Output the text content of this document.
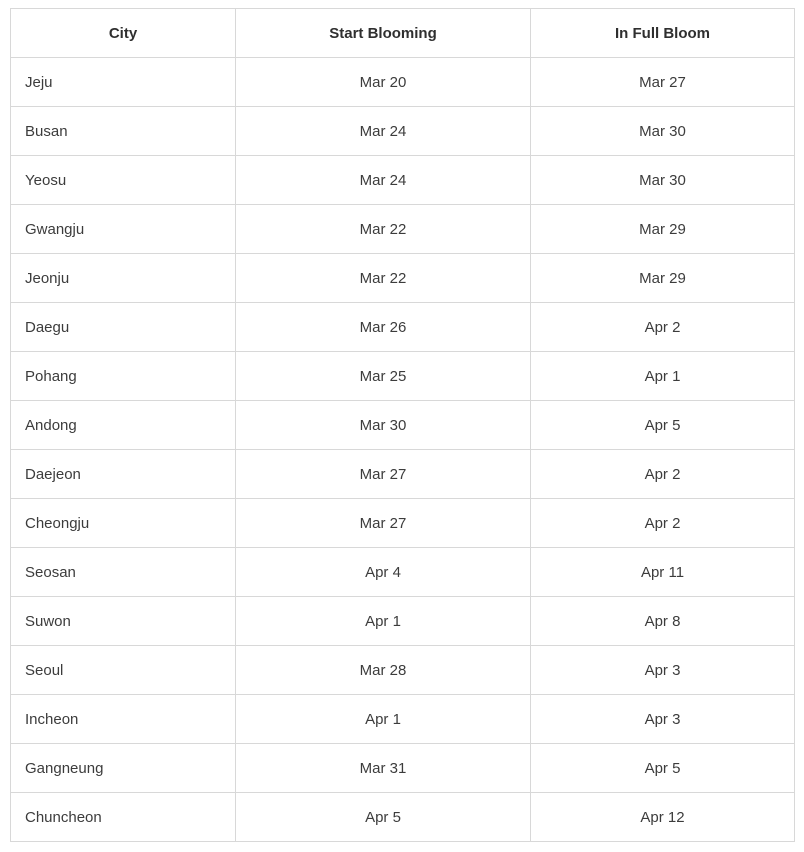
City	Start Blooming	In Full Bloom
Jeju	Mar 20	Mar 27
Busan	Mar 24	Mar 30
Yeosu	Mar 24	Mar 30
Gwangju	Mar 22	Mar 29
Jeonju	Mar 22	Mar 29
Daegu	Mar 26	Apr 2
Pohang	Mar 25	Apr 1
Andong	Mar 30	Apr 5
Daejeon	Mar 27	Apr 2
Cheongju	Mar 27	Apr 2
Seosan	Apr 4	Apr 11
Suwon	Apr 1	Apr 8
Seoul	Mar 28	Apr 3
Incheon	Apr 1	Apr 3
Gangneung	Mar 31	Apr 5
Chuncheon	Apr 5	Apr 12
